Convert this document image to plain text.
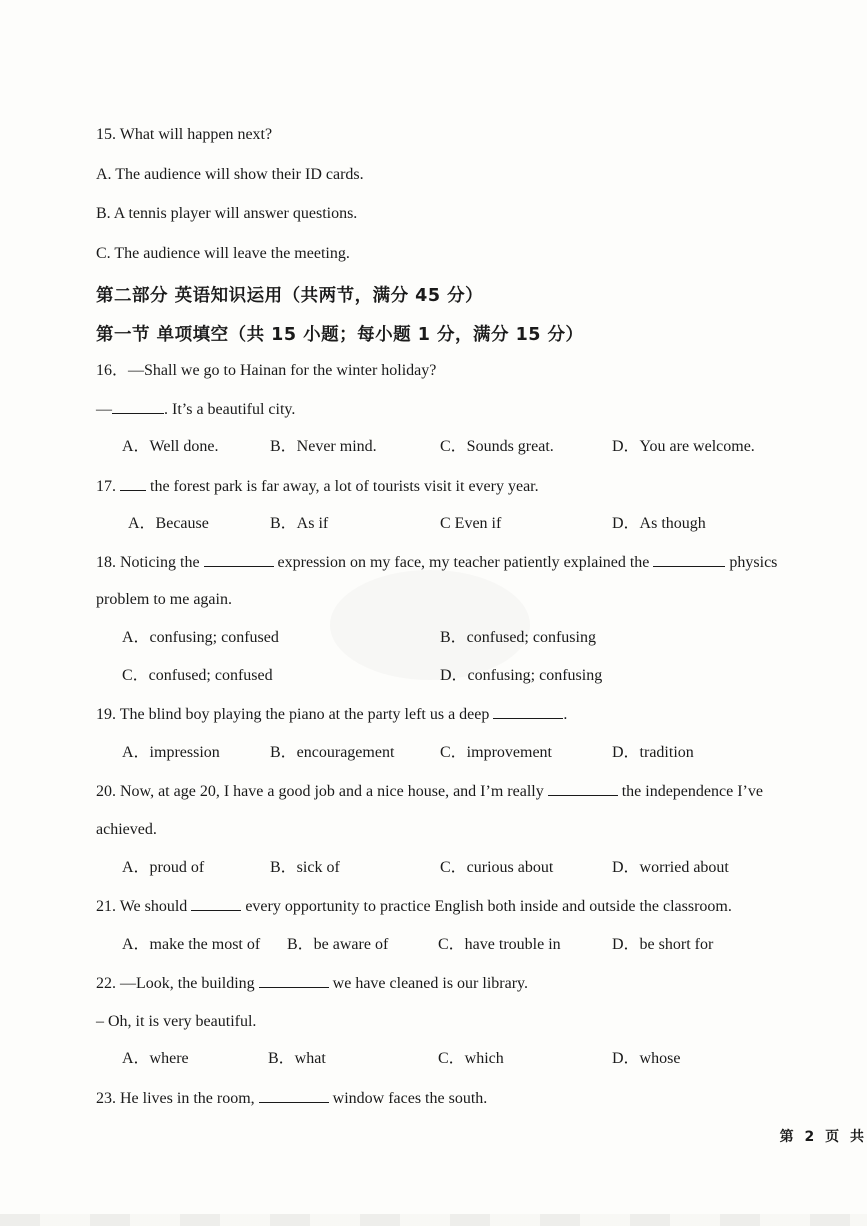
15. What will happen next?
A. The audience will show their ID cards.
B. A tennis player will answer questions.
C. The audience will leave the meeting.
第二部分 英语知识运用（共两节，满分 45 分）
第一节 单项填空（共 15 小题；每小题 1 分，满分 15 分）
16．—Shall we go to Hainan for the winter holiday?
—	. It’s a beautiful city.
A．Well done.	B．Never mind.	C．Sounds great.	D．You are welcome.
17.  the forest park is far away, a lot of tourists visit it every year.
A．Because	B．As if	C Even if	D．As though
18. Noticing the	expression on my face, my teacher patiently explained the	physics
problem to me again.
A．confusing; confused	B．confused; confusing
C．confused; confused	D．confusing; confusing
19. The blind boy playing the piano at the party left us a deep	.
A．impression	B．encouragement	C．improvement	D．tradition
20. Now, at age 20, I have a good job and a nice house, and I’m really	the independence I’ve
achieved.
A．proud of	B．sick of	C．curious about	D．worried about
21. We should	every opportunity to practice English both inside and outside the classroom.
A．make the most of B．be aware of	C．have trouble in	D．be short for
22. —Look, the building	we have cleaned is our library.
– Oh, it is very beautiful.
A．where	B．what	C．which	D．whose
23. He lives in the room,	window faces the south.
第 2 页 共
